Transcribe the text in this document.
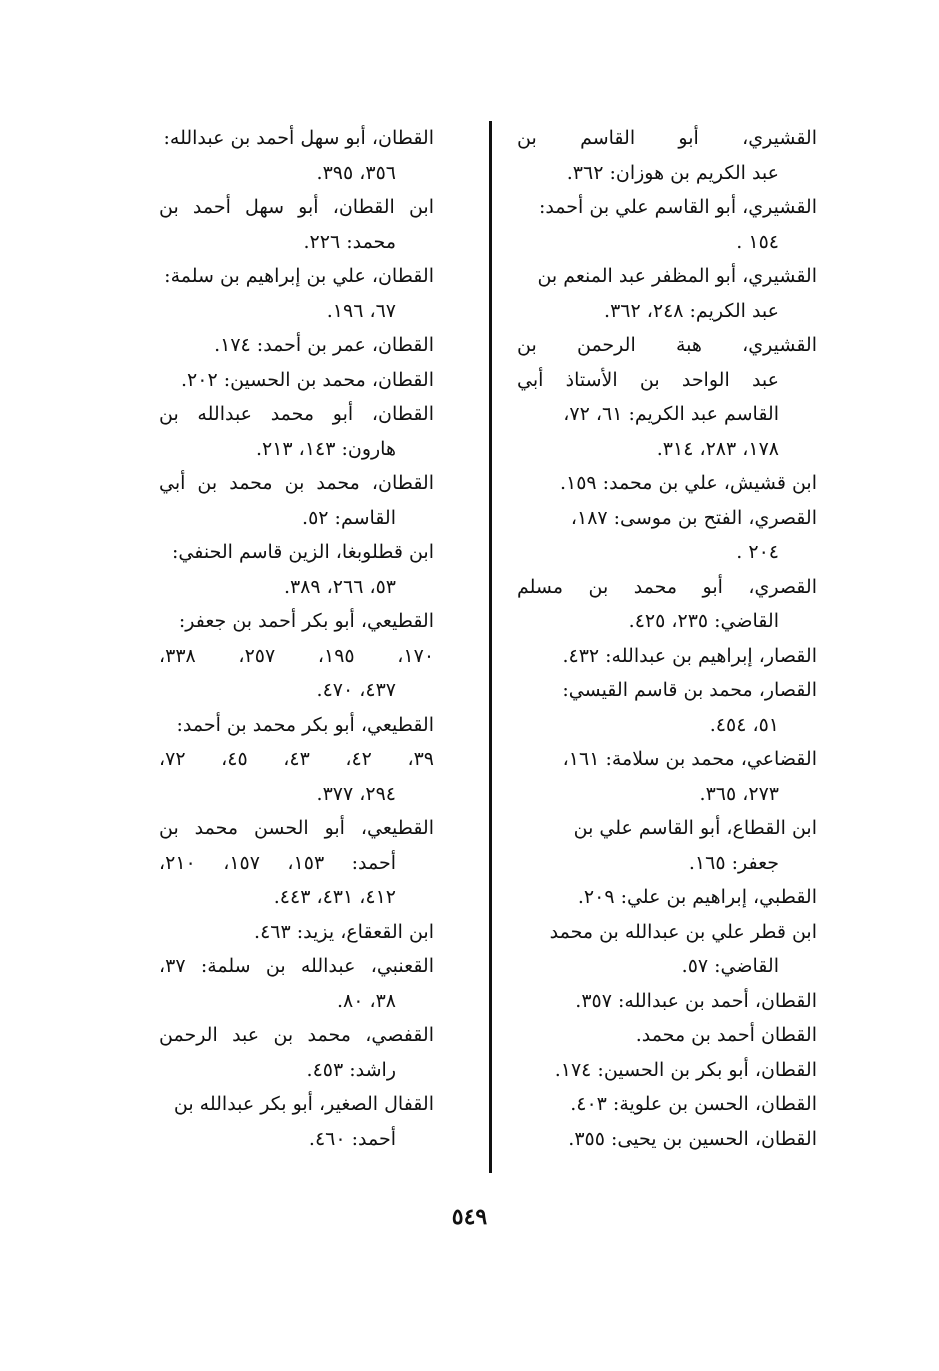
القشيري، أبو القاسم بن
عبد الكريم بن هوزان: ٣٦٢.
القشيري، أبو القاسم علي بن أحمد:
١٥٤ .
القشيري، أبو المظفر عبد المنعم بن
عبد الكريم: ٢٤٨، ٣٦٢.
القشيري، هبة الرحمن بن
عبد الواحد بن الأستاذ أبي
القاسم عبد الكريم: ٦١، ٧٢،
١٧٨، ٢٨٣، ٣١٤.
ابن قشيش، علي بن محمد: ١٥٩.
القصري، الفتح بن موسى: ١٨٧،
٢٠٤ .
القصري، أبو محمد بن مسلم
القاضي: ٢٣٥، ٤٢٥.
القصار، إبراهيم بن عبدالله: ٤٣٢.
القصار، محمد بن قاسم القيسي:
٥١، ٤٥٤.
القضاعي، محمد بن سلامة: ١٦١،
٢٧٣، ٣٦٥.
ابن القطاع، أبو القاسم علي بن
جعفر: ١٦٥.
القطبي، إبراهيم بن علي: ٢٠٩.
ابن قطر علي بن عبدالله بن محمد
القاضي: ٥٧.
القطان، أحمد بن عبدالله: ٣٥٧.
القطان أحمد بن محمد.
القطان، أبو بكر بن الحسين: ١٧٤.
القطان، الحسن بن علوية: ٤٠٣.
القطان، الحسين بن يحيى: ٣٥٥.
القطان، أبو سهل أحمد بن عبدالله:
٣٥٦، ٣٩٥.
ابن القطان، أبو سهل أحمد بن
محمد: ٢٢٦.
القطان، علي بن إبراهيم بن سلمة:
٦٧، ١٩٦.
القطان، عمر بن أحمد: ١٧٤.
القطان، محمد بن الحسين: ٢٠٢.
القطان، أبو محمد عبدالله بن
هارون: ١٤٣، ٢١٣.
القطان، محمد بن محمد بن أبي
القاسم: ٥٢.
ابن قطلوبغا، الزين قاسم الحنفي:
٥٣، ٢٦٦، ٣٨٩.
القطيعي، أبو بكر أحمد بن جعفر:
١٧٠، ١٩٥، ٢٥٧، ٣٣٨،
٤٣٧، ٤٧٠.
القطيعي، أبو بكر محمد بن أحمد:
٣٩، ٤٢، ٤٣، ٤٥، ٧٢،
٢٩٤، ٣٧٧.
القطيعي، أبو الحسن محمد بن
أحمد: ١٥٣، ١٥٧، ٢١٠،
٤١٢، ٤٣١، ٤٤٣.
ابن القعقاع، يزيد: ٤٦٣.
القعنبي، عبدالله بن سلمة: ٣٧،
٣٨، ٨٠.
القفصي، محمد بن عبد الرحمن
راشد: ٤٥٣.
القفال الصغير، أبو بكر عبدالله بن
أحمد: ٤٦٠.
٥٤٩
